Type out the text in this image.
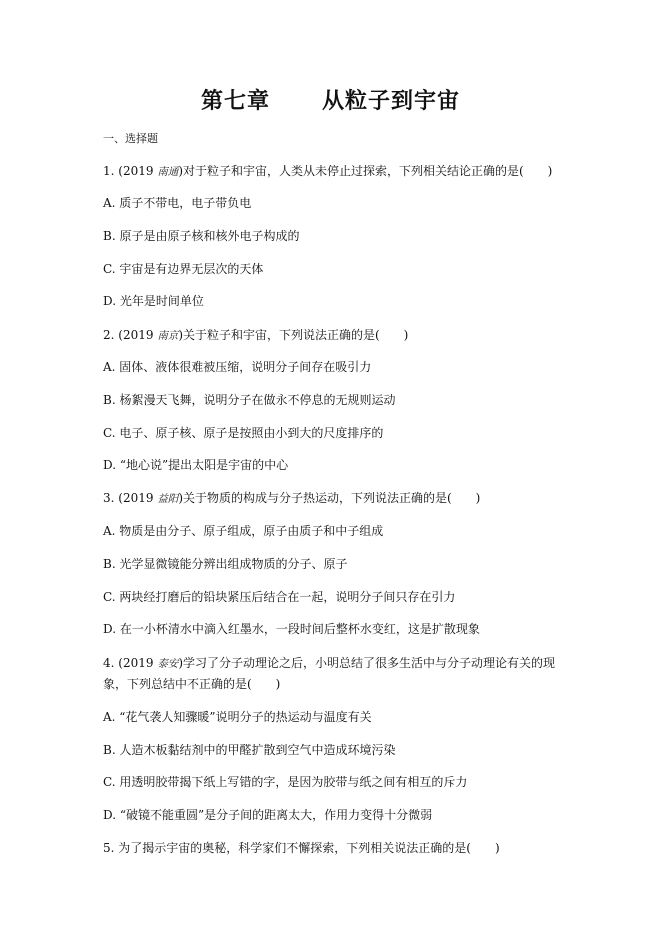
第七章      从粒子到宇宙
一、选择题
1. (2019 南通)对于粒子和宇宙，人类从未停止过探索，下列相关结论正确的是(　　)
A. 质子不带电，电子带负电
B. 原子是由原子核和核外电子构成的
C. 宇宙是有边界无层次的天体
D. 光年是时间单位
2. (2019 南京)关于粒子和宇宙，下列说法正确的是(　　)
A. 固体、液体很难被压缩，说明分子间存在吸引力
B. 杨絮漫天飞舞，说明分子在做永不停息的无规则运动
C. 电子、原子核、原子是按照由小到大的尺度排序的
D. “地心说”提出太阳是宇宙的中心
3. (2019 益阳)关于物质的构成与分子热运动，下列说法正确的是(　　)
A. 物质是由分子、原子组成，原子由质子和中子组成
B. 光学显微镜能分辨出组成物质的分子、原子
C. 两块经打磨后的铅块紧压后结合在一起，说明分子间只存在引力
D. 在一小杯清水中滴入红墨水，一段时间后整杯水变红，这是扩散现象
4. (2019 泰安)学习了分子动理论之后，小明总结了很多生活中与分子动理论有关的现象，下列总结中不正确的是(　　)
A. “花气袭人知骤暖”说明分子的热运动与温度有关
B. 人造木板黏结剂中的甲醛扩散到空气中造成环境污染
C. 用透明胶带揭下纸上写错的字，是因为胶带与纸之间有相互的斥力
D. “破镜不能重圆”是分子间的距离太大，作用力变得十分微弱
5. 为了揭示宇宙的奥秘，科学家们不懈探索，下列相关说法正确的是(　　)
